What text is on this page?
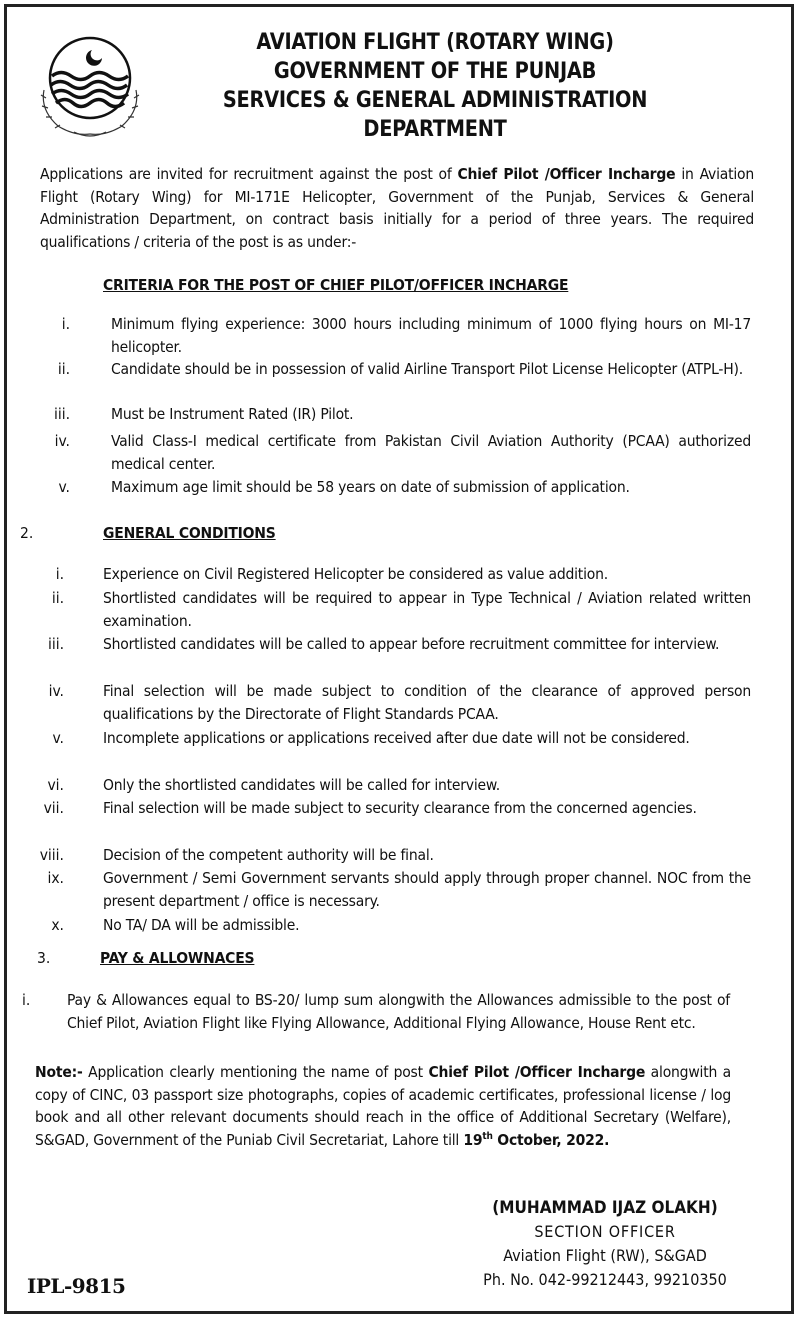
AVIATION FLIGHT (ROTARY WING)
GOVERNMENT OF THE PUNJAB
SERVICES & GENERAL ADMINISTRATION
DEPARTMENT
Applications are invited for recruitment against the post of Chief Pilot /Officer Incharge in Aviation Flight (Rotary Wing) for MI-171E Helicopter, Government of the Punjab, Services & General Administration Department, on contract basis initially for a period of three years. The required qualifications / criteria of the post is as under:-
CRITERIA FOR THE POST OF CHIEF PILOT/OFFICER INCHARGE
i.	Minimum flying experience: 3000 hours including minimum of 1000 flying hours on MI-17 helicopter.
ii.	Candidate should be in possession of valid Airline Transport Pilot License Helicopter (ATPL-H).
iii.	Must be Instrument Rated (IR) Pilot.
iv.	Valid Class-I medical certificate from Pakistan Civil Aviation Authority (PCAA) authorized medical center.
v.	Maximum age limit should be 58 years on date of submission of application.
2.	GENERAL CONDITIONS
i.	Experience on Civil Registered Helicopter be considered as value addition.
ii.	Shortlisted candidates will be required to appear in Type Technical / Aviation related written examination.
iii.	Shortlisted candidates will be called to appear before recruitment committee for interview.
iv.	Final selection will be made subject to condition of the clearance of approved person qualifications by the Directorate of Flight Standards PCAA.
v.	Incomplete applications or applications received after due date will not be considered.
vi.	Only the shortlisted candidates will be called for interview.
vii.	Final selection will be made subject to security clearance from the concerned agencies.
viii.	Decision of the competent authority will be final.
ix.	Government / Semi Government servants should apply through proper channel. NOC from the present department / office is necessary.
x.	No TA/ DA will be admissible.
3.	PAY & ALLOWNACES
i. Pay & Allowances equal to BS-20/ lump sum alongwith the Allowances admissible to the post of Chief Pilot, Aviation Flight like Flying Allowance, Additional Flying Allowance, House Rent etc.
Note:- Application clearly mentioning the name of post Chief Pilot /Officer Incharge alongwith a copy of CINC, 03 passport size photographs, copies of academic certificates, professional license / log book and all other relevant documents should reach in the office of Additional Secretary (Welfare), S&GAD, Government of the Puniab Civil Secretariat, Lahore till 19th October, 2022.
(MUHAMMAD IJAZ OLAKH)
SECTION OFFICER
Aviation Flight (RW), S&GAD
Ph. No. 042-99212443, 99210350
IPL-9815
